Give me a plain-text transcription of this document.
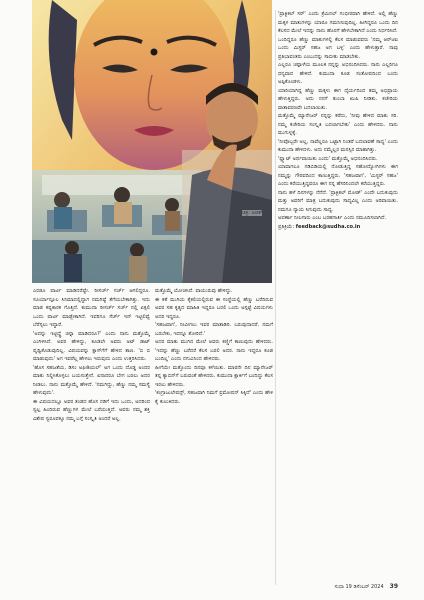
ಚಿತ್ರ: ಅಜಿತ್

ಎರಡೂ ಪಾರ್ಟಿ ಮಾಡಿದರೆಷ್ಟೇ. ರೀಸರ್ಚ್ ಸರ್ಚ್ ಆಗಲಿದ್ದರೂ. ಸೂರ್ಯಾನ್ಪೂಲ ಸಿನಿಮಾದಲ್ಲಿದ್ದಾಗ ನಮಗಿಷ್ಟೆ ತೆಗೆಯಬೇಕಾಗಿತ್ತು. ಇದು ಮಾಡ ಕಷ್ಟಕಾರಕ ಗೊತ್ತಿದೆ. ಕುಮುದಾ ರೀಸರ್ಚ್ ಸರ್ಚ್ ನಲ್ಲಿ ಏಕ್ಸಲಿ ಒಂದು ಪಾರ್ಟಿ ಮಾಡ್ಬೇಕಾಗಿದೆ. ಇವರಿಗೂ ಸೆರ್ಚ್ ಇನ್ ಇಟ್ಟಿಲಿವ್ವೆ ಬೆರೆಸ್ಸಲು ಇದ್ದಾರೆ.

'ಅದನ್ನು ಇಟ್ಟಿದ್ದ್ರೆ ಚಿನ್ನಾ ಮಾಡಿದರೂ?' ಎಂದು ನಾನು ಮತ್ತೊಮ್ಮೆ ಎಂಗಿಳಿಸಿದೆ. ಅವರ ಹೇಳಿದ್ದು, ಕೂಡಲೇ ಅವರು ಅಟ್ ಡಾಟ್ ಪೃಥ್ವಿಕೊಡುವುದಿಲ್ಲ. ವಿಷಯವನ್ನು ಕ್ಲಾಸ್‌ಗೆಗೆ ಹೇಳಿದ ತಾಣ. 'ಬಿ ಬಿ ಮಾಡುವುದು' ಅಗ ಇವರೆಲ್ಲ ಹೇಳಲು ಇರುವುದು ಎಂದು ಉತ್ತರಿಸಿದರು.

'ಹೊಸ ಸಹಜತೆಯ, ಡಿಸಂ ಅಫೀಶಿಯಲ್' ಅಗ ಒಂದು ದೊಡ್ಡ ಅಂದರ ಮಾತು ನಿಲ್ದಿಸಿಕೊಳ್ಳಲು ಬಯಸುತ್ತೇನೆ. ಏನಾದರೂ ಬೇಗ ಬರಲು ಅದರ ನೀಡಲು. ನಾನು ಮತ್ತೊಮ್ಮೆ ಹೇಳಿದೆ. 'ನಮಗಿದ್ದು, ಹೆಣ್ಣು ನಮ್ಮ ಸಮಸ್ಯೆ ಹೇಳುವುದು'.

ಈ ವಿಷಯದಲ್ಲೂ ಅವರ ತಂಡದ ಹೊಸ ನಡಿಗೆ ಇದು ಒಂದು, ಅದರಿಂದ ಸ್ವಲ್ಪ ಹಿಂದಿರುವ ಹೆಣ್ಣುಗಳ ಮೇಲೆ ಬರೆಯುತ್ತಿದೆ. ಅವರು ನಮ್ಮ ಶಕ್ತಿ ವಿಶೇಷ ಸ್ವರೂಪಕ್ಕೂ ನಮ್ಮ ಬಗ್ಗೆ ಸಂಸ್ಕೃತಿ ಅಂದರೆ ಅಲ್ಲ.

ಮತ್ತೊಮ್ಮೆ ಯೋಚಿಸಿದೆ. ವಾಯುರುವು ಹೇಳಿದ್ದು.

ಈ ಕತೆ ಮುಗಿಯ ಕೈಕಲಿಯಲ್ಲಿರುವ ಈ ಸಂಸ್ಥೆಯಲ್ಲಿ ಹೆಣ್ಣು ಬರೆದಿರುವ ಅವರ ಸಹ ಕೃತ್ಯದ ಮಾಹಿತಿ ಇದ್ದರೂ ಬರಲಿ ಒಂದು ಅಸ್ಪಟ್ಟೆ ವಿಷಯಗಳು ಅದರ ಇದ್ದರೂ.

'ಸಹಜವಾಗ', ನೀವೀಗಲು ಇವರ ಮಾತಾಡಿರಿ. ಬರುವುದಾದರೆ. ನಮಗೆ ಬರಬೇಕು, ಇದನ್ನೂ ತೋರಿದೆ.'

ಅದರ ಮಾತು ಮುಗಿದ ಮೇಲೆ ಅವರು ಕಣ್ಣಿಗೆ ಕಾಣುವುದು ಹೇಳಿದರು. 'ಇದನ್ನು ಹೆಣ್ಣು ಬರೆದರೆ ಕೆಲಸ ಬರಲಿ ಅದರ. ನಾನು ಇದ್ದರೂ ಕೂಡ ಬಂದಿಲ್ಲ' ಎಂದು ನಗುವಿನಿಂದ ಹೇಳಿದರು.

ಹೀಗೆಯೇ ಮತ್ತೊಂದು ದಿನವೂ ಕಳೆಯಿತು. ಮಾರನೇ ದಿನ ಮ್ಯಾನೇಜರ್ ತನ್ನ ಕ್ಯಾಬಿನ್‌ಗೆ ಬರುವಂತೆ ಹೇಳಿದರು. ಕುಮುದಾ ಕ್ಲಾರ್ಕಿಗೆ ಬಂದಿದ್ದು ಕೆಲಸ ಇರಲು ಹೇಳಿದರು.

'ಕಂಗ್ರಾಜುಲೇಷನ್ಸ್, ಸಹಜವಾಗಿ ನಿಮಗೆ ಪ್ರಮೋಷನ್ ಸಿಕ್ಕಿದೆ' ಎಂದು ಹೇಳಿ ಕೈ ಕುಲುಕಿದರು.

'ಪ್ರಾಕ್ಟಿಕಲ್ ಸರ್' ಎಂದು ಕ್ರೆಮಿನಲ್ ಗಂಭೀರವಾಗಿ ಹೇಳಿದೆ. ಅಲ್ಲಿ ಹೆಣ್ಣು ಮಕ್ಕಳ ಮಾತುಗಳನ್ನು ಯಾರೂ ಗಮನಿಸುವುದಿಲ್ಲ. ಹೀಗಿದ್ದರೂ ಒಂದು ದಿನ ಕೆಲಸದ ಮೇಲೆ ಇದನ್ನು ನಾನು ಹೊರಗೆ ಹೇಳಬೇಕಾಗಿದೆ ಎಂದು ನಿರ್ಧರಿಸಿದೆ.

ಒಂದಿದ್ದರೂ ಹೆಣ್ಣು ಮಾತುಗಳಲ್ಲಿ ಕೆಲಸ ಮಾಡುವವರು 'ನಮ್ಮ ಆರ್‌ಟಿಐ ಒಂದು ಮಿಸ್ಟರ್ ಸಹಜ ಅಗ ಬಳ್ಳಿ' ಎಂದು ಹೇಳುತ್ತಾರೆ. ನಾವು ಪ್ರತಿಭಾವಂತರು ಎಂಬುದನ್ನು ಸಾಬೀತು ಮಾಡಬೇಕು.

ಎಲ್ಲರೂ ಚಪ್ಪಾಳೆಯ ಮೂಲಕ ನನ್ನನ್ನು ಅಭಿನಂದಿಸಿದರು. ನಾನು ಎಲ್ಲರಿಗೂ ಧನ್ಯವಾದ ಹೇಳಿದೆ. ಕುಮುದಾ ಕೂಡ ಸಂತೋಷದಿಂದ ಬಂದು ಅಪ್ಪಿಕೊಂಡಳು.

ಯಾರಿಯಾಗಿದ್ದ ಹೆಣ್ಣು ಮಕ್ಕಳು ಈಗ ಧೈರ್ಯದಿಂದ ತಮ್ಮ ಅಭಿಪ್ರಾಯ ಹೇಳುತ್ತಿದ್ದರು. ಅದು ನನಗೆ ತುಂಬಾ ಖುಷಿ ನೀಡಿತು. ಕಚೇರಿಯ ವಾತಾವರಣವೇ ಬದಲಾಯಿತು.

ಮತ್ತೊಮ್ಮೆ ಮ್ಯಾನೇಜರ್ ನನ್ನನ್ನು ಕರೆದು, 'ನೀವು ಹೇಳಿದ ಮಾತು ಸರಿ. ನಮ್ಮ ಕಚೇರಿಯ ಸಂಸ್ಕೃತಿ ಬದಲಾಗಬೇಕು' ಎಂದು ಹೇಳಿದರು. ನಾನು ಮುಗುಳ್ನಕ್ಕೆ.

'ನೀವೊಬ್ಬರೇ ಅಲ್ಲ, ನಾವೆಲ್ಲರೂ ಒಟ್ಟಾಗಿ ನಿಂತರೆ ಬದಲಾವಣೆ ಸಾಧ್ಯ' ಎಂದು ಕುಮುದಾ ಹೇಳಿದಳು. ಅದು ನಮ್ಮೆಲ್ಲರ ಮನಸ್ಸಿನ ಮಾತಾಗಿತ್ತು.

'ಫ್ಲ್ಯಾಟ್ ಅರ್ಥವಾಯಿತು ಎಂದು' ಮತ್ತೊಮ್ಮೆ ಅಭಿನಂದಿಸಿದರು.

ಯಾವಾಗಲೂ ಗಡಿಬಿಡಿಯಲ್ಲಿ ನೋಡುತ್ತಿದ್ದ ಸಹೋದ್ಯೋಗಿಗಳು ಈಗ ನಮ್ಮನ್ನು ಗೌರವದಿಂದ ಕಾಣುತ್ತಿದ್ದರು. 'ಸಹಜವಾಗ', 'ಮಿಸ್ಟರ್ ಸಹಜ' ಎಂದು ಕರೆಯುತ್ತಿದ್ದವರೂ ಈಗ ನನ್ನ ಹೆಸರಿನಿಂದಲೇ ಕರೆಯುತ್ತಿದ್ದರು.

ನಾನು ಹಳೆ ದಿನಗಳನ್ನು ನೆನೆದೆ. 'ಪ್ರಾಕ್ಟಿಕಲ್ ಮೋಡ್' ಎಂದೇ ಬದುಕುವುದು ಮತ್ತು ಅವರಿಗೆ ಮಾತ್ರ ಬದುಕುವುದು ಸಾಧ್ಯವಿಲ್ಲ ಎಂದು ಅರಿವಾಯಿತು. ನಮಗೂ ನ್ಯಾಯ ಸಿಗುವುದು ಸಾಧ್ಯ.

ಅಪರ್ಣಾ ನೀಲಗಾರು ಎಂಬ ಬರಹಗಾರ್ತಿ ಎಂದು ನಮೂದಿಸಲಾಗಿದೆ.

ಪ್ರತಿಕ್ರಿಯೆ: feedback@sudha.co.in

ಸುಧಾ 19 ಡಿಸೆಂಬರ್ 2024 39
